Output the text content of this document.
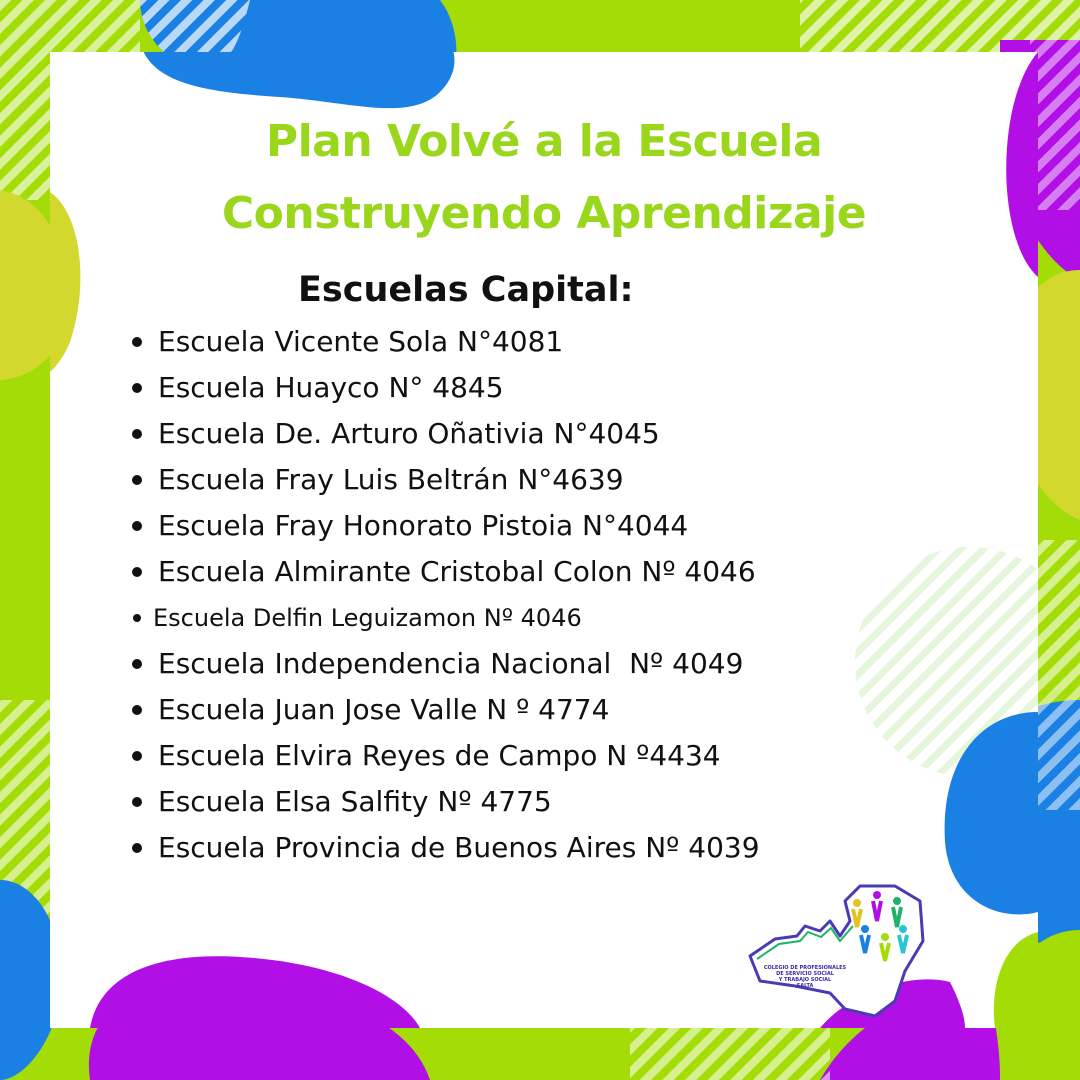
Plan Volvé a la Escuela
Construyendo Aprendizaje
Escuelas Capital:
Escuela Vicente Sola N°4081
Escuela Huayco N° 4845
Escuela De. Arturo Oñativia N°4045
Escuela Fray Luis Beltrán N°4639
Escuela Fray Honorato Pistoia N°4044
Escuela Almirante Cristobal Colon Nº 4046
Escuela Delfin Leguizamon Nº 4046
Escuela Independencia Nacional  Nº 4049
Escuela Juan Jose Valle N º 4774
Escuela Elvira Reyes de Campo N º4434
Escuela Elsa Salfity Nº 4775
Escuela Provincia de Buenos Aires Nº 4039
COLEGIO DE PROFESIONALES
DE SERVICIO SOCIAL
Y TRABAJO SOCIAL
SALTA
